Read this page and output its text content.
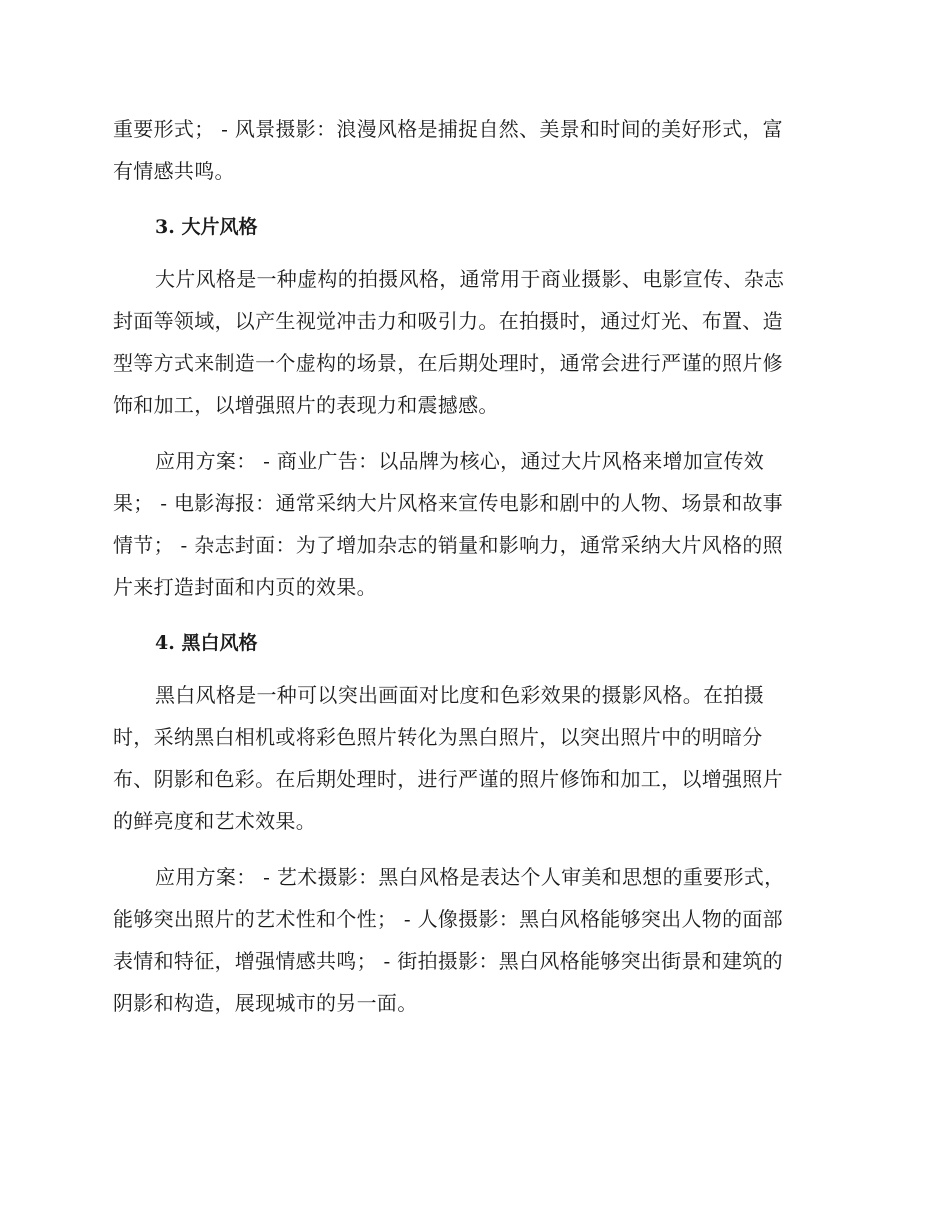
重要形式； - 风景摄影：浪漫风格是捕捉自然、美景和时间的美好形式，富
有情感共鸣。
3. 大片风格
大片风格是一种虚构的拍摄风格，通常用于商业摄影、电影宣传、杂志
封面等领域，以产生视觉冲击力和吸引力。在拍摄时，通过灯光、布置、造
型等方式来制造一个虚构的场景，在后期处理时，通常会进行严谨的照片修
饰和加工，以增强照片的表现力和震撼感。
应用方案： - 商业广告：以品牌为核心，通过大片风格来增加宣传效
果； - 电影海报：通常采纳大片风格来宣传电影和剧中的人物、场景和故事
情节； - 杂志封面：为了增加杂志的销量和影响力，通常采纳大片风格的照
片来打造封面和内页的效果。
4. 黑白风格
黑白风格是一种可以突出画面对比度和色彩效果的摄影风格。在拍摄
时，采纳黑白相机或将彩色照片转化为黑白照片，以突出照片中的明暗分
布、阴影和色彩。在后期处理时，进行严谨的照片修饰和加工，以增强照片
的鲜亮度和艺术效果。
应用方案： - 艺术摄影：黑白风格是表达个人审美和思想的重要形式，
能够突出照片的艺术性和个性； - 人像摄影：黑白风格能够突出人物的面部
表情和特征，增强情感共鸣； - 街拍摄影：黑白风格能够突出街景和建筑的
阴影和构造，展现城市的另一面。
